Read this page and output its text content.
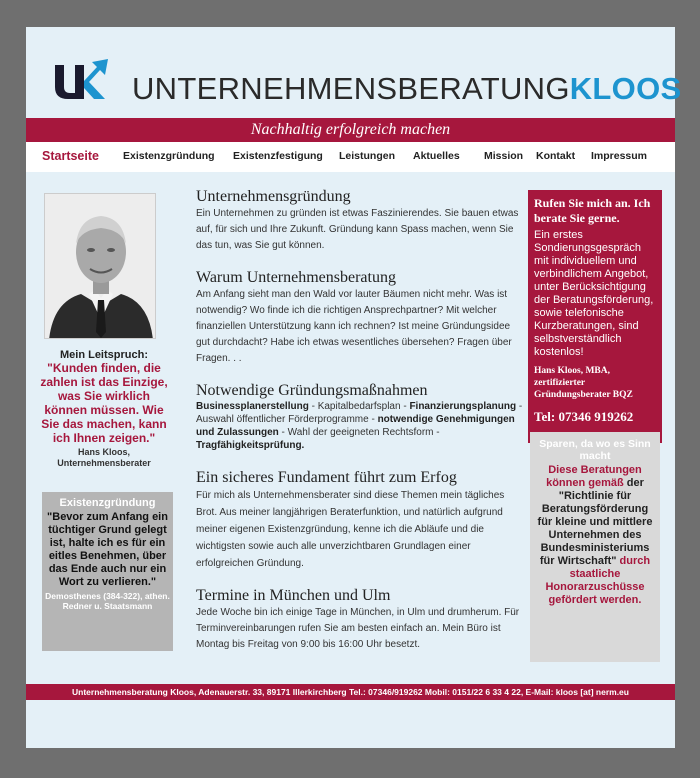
UNTERNEHMENSBERATUNGKLOOS
Nachhaltig erfolgreich machen
Startseite Existenzgründung Existenzfestigung Leistungen Aktuelles Mission Kontakt Impressum
Mein Leitspruch:
"Kunden finden, die zahlen ist das Einzige, was Sie wirklich können müssen. Wie Sie das machen, kann ich Ihnen zeigen."
Hans Kloos, Unternehmensberater
Existenzgründung
"Bevor zum Anfang ein tüchtiger Grund gelegt ist, halte ich es für ein eitles Benehmen, über das Ende auch nur ein Wort zu verlieren."
Demosthenes (384-322), athen. Redner u. Staatsmann
Unternehmensgründung
Ein Unternehmen zu gründen ist etwas Faszinierendes. Sie bauen etwas auf, für sich und Ihre Zukunft. Gründung kann Spass machen, wenn Sie das tun, was Sie gut können.
Warum Unternehmensberatung
Am Anfang sieht man den Wald vor lauter Bäumen nicht mehr. Was ist notwendig? Wo finde ich die richtigen Ansprechpartner? Mit welcher finanziellen Unterstützung kann ich rechnen? Ist meine Gründungsidee gut durchdacht? Habe ich etwas wesentliches übersehen? Fragen über Fragen. . .
Notwendige Gründungsmaßnahmen
Businessplanerstellung - Kapitalbedarfsplan - Finanzierungsplanung - Auswahl öffentlicher Förderprogramme - notwendige Genehmigungen und Zulassungen - Wahl der geeigneten Rechtsform - Tragfähigkeitsprüfung.
Ein sicheres Fundament führt zum Erfog
Für mich als Unternehmensberater sind diese Themen mein tägliches Brot. Aus meiner langjährigen Beraterfunktion, und natürlich aufgrund meiner eigenen Existenzgründung, kenne ich die Abläufe und die wichtigsten sowie auch alle unverzichtbaren Grundlagen einer erfolgreichen Gründung.
Termine in München und Ulm
Jede Woche bin ich einige Tage in München, in Ulm und drumherum. Für Terminvereinbarungen rufen Sie am besten einfach an. Mein Büro ist Montag bis Freitag von 9:00 bis 16:00 Uhr besetzt.
Rufen Sie mich an. Ich berate Sie gerne.
Ein erstes Sondierungsgespräch mit individuellem und verbindlichem Angebot, unter Berücksichtigung der Beratungsförderung, sowie telefonische Kurzberatungen, sind selbstverständlich kostenlos!
Hans Kloos, MBA, zertifizierter Gründungsberater BQZ
Tel: 07346 919262
Sparen, da wo es Sinn macht
Diese Beratungen können gemäß der "Richtlinie für Beratungsförderung für kleine und mittlere Unternehmen des Bundesministeriums für Wirtschaft" durch staatliche Honorarzuschüsse gefördert werden.
Unternehmensberatung Kloos, Adenauerstr. 33, 89171 Illerkirchberg Tel.: 07346/919262 Mobil: 0151/22 6 33 4 22, E-Mail: kloos [at] nerm.eu
